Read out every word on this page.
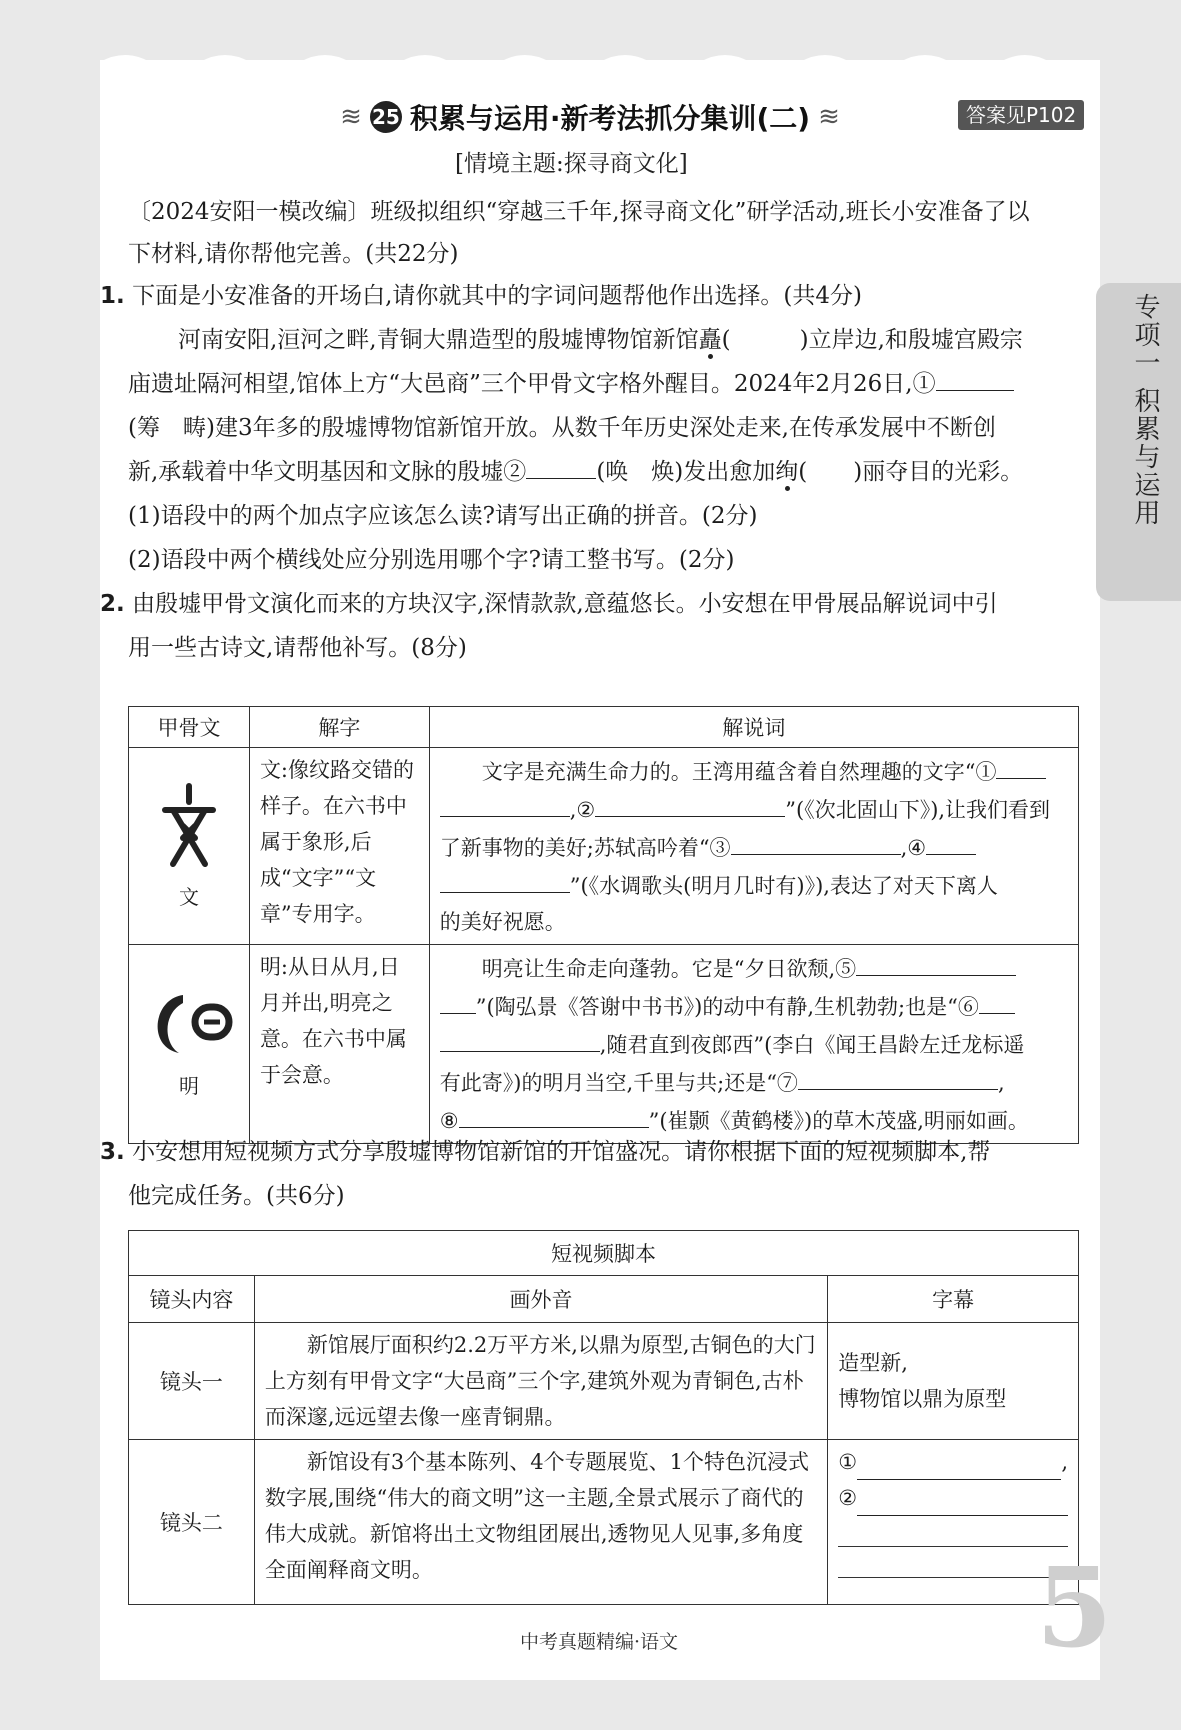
专项一 积累与运用
≋ 25 积累与运用·新考法抓分集训(二) ≋	答案见P102
[情境主题:探寻商文化]
〔2024安阳一模改编〕班级拟组织“穿越三千年,探寻商文化”研学活动,班长小安准备了以
下材料,请你帮他完善。(共22分)
1. 下面是小安准备的开场白,请你就其中的字词问题帮他作出选择。(共4分)
河南安阳,洹河之畔,青铜大鼎造型的殷墟博物馆新馆矗(　　　)立岸边,和殷墟宫殿宗
庙遗址隔河相望,馆体上方“大邑商”三个甲骨文字格外醒目。2024年2月26日,①
(筹　畴)建3年多的殷墟博物馆新馆开放。从数千年历史深处走来,在传承发展中不断创
新,承载着中华文明基因和文脉的殷墟②	(唤　焕)发出愈加绚(　　)丽夺目的光彩。
(1)语段中的两个加点字应该怎么读?请写出正确的拼音。(2分)
(2)语段中两个横线处应分别选用哪个字?请工整书写。(2分)
2. 由殷墟甲骨文演化而来的方块汉字,深情款款,意蕴悠长。小安想在甲骨展品解说词中引
用一些古诗文,请帮他补写。(8分)
甲骨文	解字	解说词

文	文:像纹路交错的样子。在六书中属于象形,后成“文字”“文章”专用字。	文字是充满生命力的。王湾用蕴含着自然理趣的文字“①
,② ”(《次北固山下》),让我们看到
了新事物的美好;苏轼高吟着“③ ,④
”(《水调歌头(明月几时有)》),表达了对天下离人
的美好祝愿。

明	明:从日从月,日月并出,明亮之意。在六书中属于会意。	明亮让生命走向蓬勃。它是“夕日欲颓,⑤
”(陶弘景《答谢中书书》)的动中有静,生机勃勃;也是“⑥
,随君直到夜郎西”(李白《闻王昌龄左迁龙标遥
有此寄》)的明月当空,千里与共;还是“⑦ ,
⑧ ”(崔颢《黄鹤楼》)的草木茂盛,明丽如画。
3. 小安想用短视频方式分享殷墟博物馆新馆的开馆盛况。请你根据下面的短视频脚本,帮
他完成任务。(共6分)
短视频脚本		
镜头内容	画外音	字幕
镜头一	新馆展厅面积约2.2万平方米,以鼎为原型,古铜色的大门上方刻有甲骨文字“大邑商”三个字,建筑外观为青铜色,古朴而深邃,远远望去像一座青铜鼎。	造型新,
博物馆以鼎为原型

镜头二	新馆设有3个基本陈列、4个专题展览、1个特色沉浸式数字展,围绕“伟大的商文明”这一主题,全景式展示了商代的伟大成就。新馆将出土文物组团展出,透物见人见事,多角度全面阐释商文明。	① ,
②
5
中考真题精编·语文
